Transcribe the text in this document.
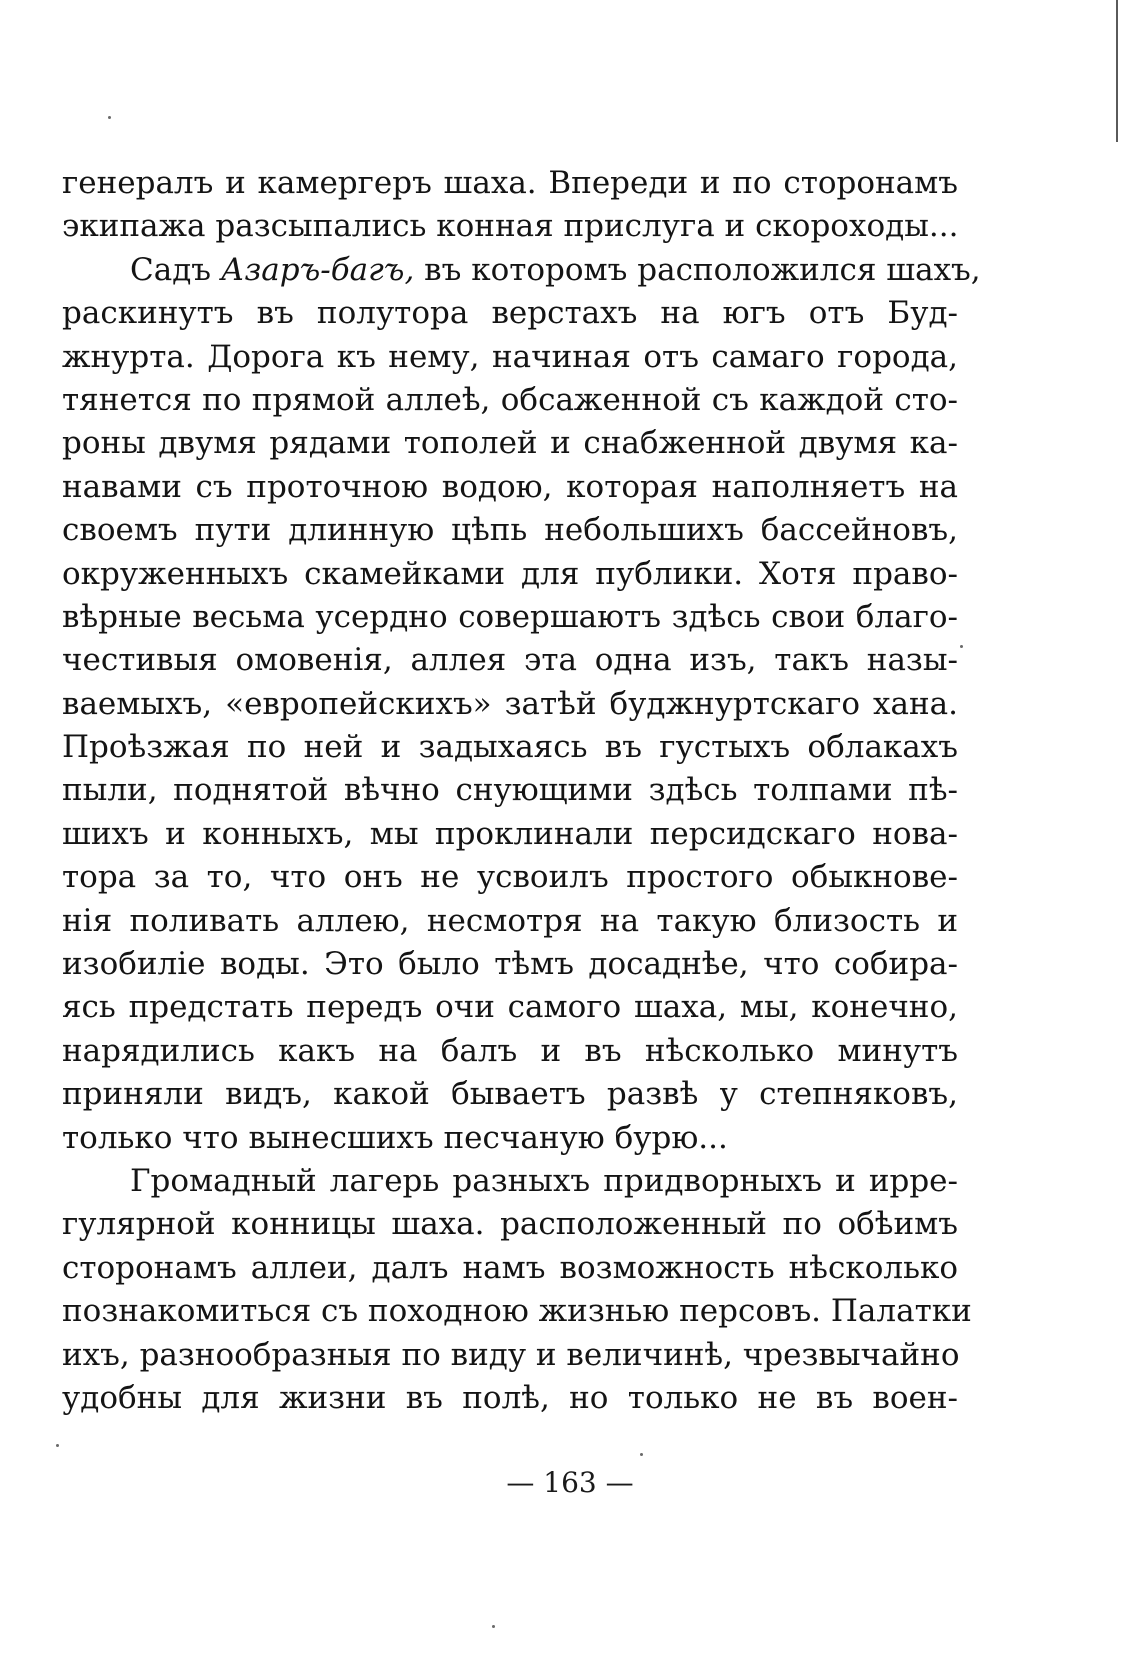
генералъ и камергеръ шаха. Впереди и по сторонамъ
экипажа разсыпались конная прислуга и скороходы...
Садъ Азаръ-багъ, въ которомъ расположился шахъ,
раскинутъ въ полутора верстахъ на югъ отъ Буд-
жнурта. Дорога къ нему, начиная отъ самаго города,
тянется по прямой аллеѣ, обсаженной съ каждой сто-
роны двумя рядами тополей и снабженной двумя ка-
навами съ проточною водою, которая наполняетъ на
своемъ пути длинную цѣпь небольшихъ бассейновъ,
окруженныхъ скамейками для публики. Хотя право-
вѣрные весьма усердно совершаютъ здѣсь свои благо-
честивыя омовенія, аллея эта одна изъ, такъ назы-
ваемыхъ, «европейскихъ» затѣй буджнуртскаго хана.
Проѣзжая по ней и задыхаясь въ густыхъ облакахъ
пыли, поднятой вѣчно снующими здѣсь толпами пѣ-
шихъ и конныхъ, мы проклинали персидскаго нова-
тора за то, что онъ не усвоилъ простого обыкнове-
нія поливать аллею, несмотря на такую близость и
изобиліе воды. Это было тѣмъ досаднѣе, что собира-
ясь предстать передъ очи самого шаха, мы, конечно,
нарядились какъ на балъ и въ нѣсколько минутъ
приняли видъ, какой бываетъ развѣ у степняковъ,
только что вынесшихъ песчаную бурю...
Громадный лагерь разныхъ придворныхъ и ирре-
гулярной конницы шаха. расположенный по обѣимъ
сторонамъ аллеи, далъ намъ возможность нѣсколько
познакомиться съ походною жизнью персовъ. Палатки
ихъ, разнообразныя по виду и величинѣ, чрезвычайно
удобны для жизни въ полѣ, но только не въ воен-
— 163 —
